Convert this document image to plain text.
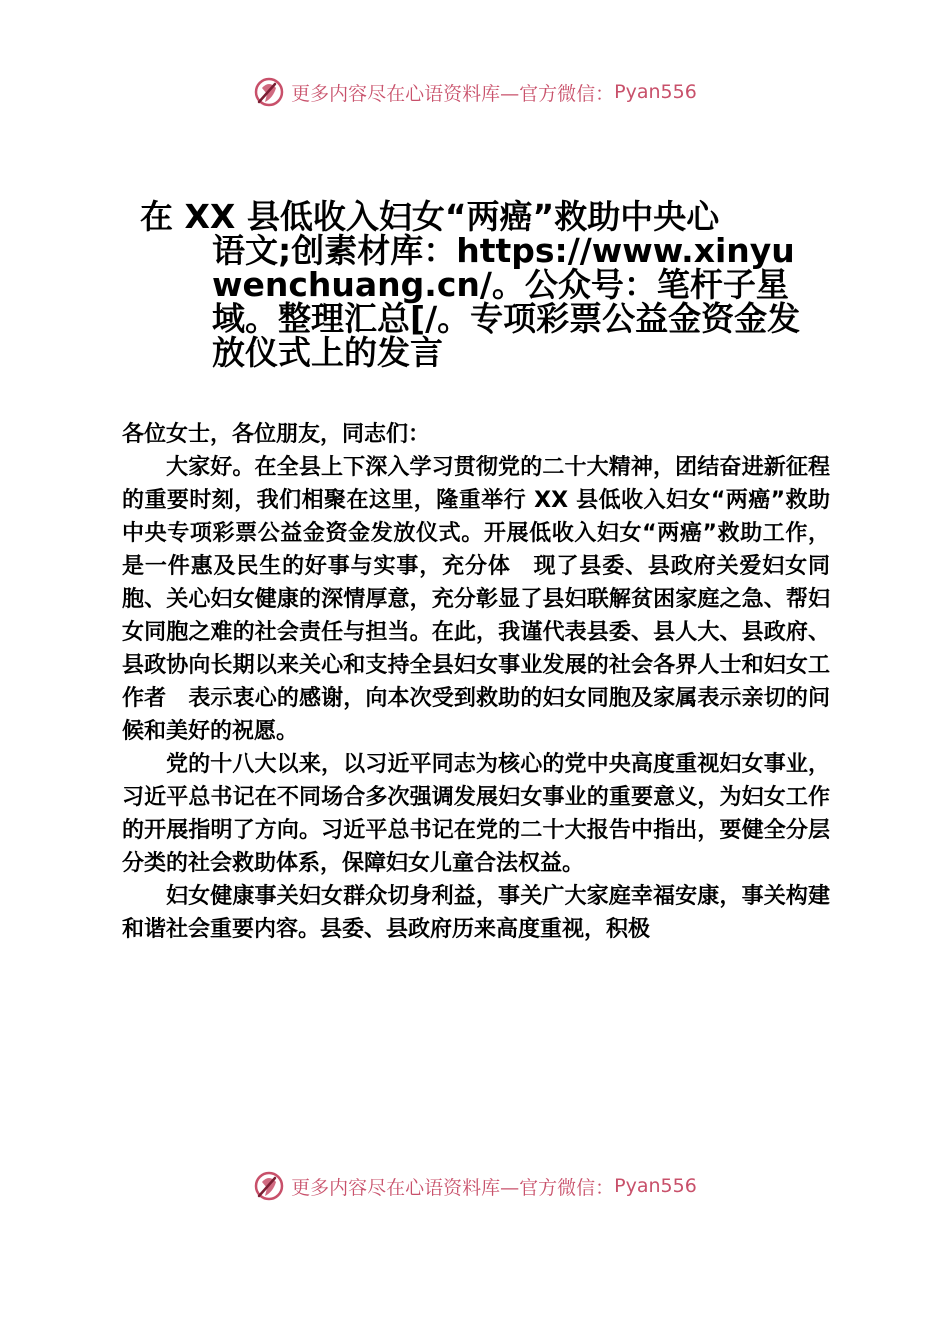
更多内容尽在心语资料库—官方微信： Pyan556
在 XX 县低收入妇女“两癌”救助中央心
语文;创素材库：https://www.xinyuwenchuang.cn/。公众号：笔杆子星域。整理汇总[/。专项彩票公益金资金发放仪式上的发言

各位女士，各位朋友，同志们：

大家好。在全县上下深入学习贯彻党的二十大精神，团结奋进新征程的重要时刻，我们相聚在这里，隆重举行 XX 县低收入妇女“两癌”救助中央专项彩票公益金资金发放仪式。开展低收入妇女“两癌”救助工作，是一件惠及民生的好事与实事，充分体　现了县委、县政府关爱妇女同胞、关心妇女健康的深情厚意，充分彰显了县妇联解贫困家庭之急、帮妇女同胞之难的社会责任与担当。在此，我谨代表县委、县人大、县政府、县政协向长期以来关心和支持全县妇女事业发展的社会各界人士和妇女工作者　表示衷心的感谢，向本次受到救助的妇女同胞及家属表示亲切的问候和美好的祝愿。

党的十八大以来，以习近平同志为核心的党中央高度重视妇女事业，习近平总书记在不同场合多次强调发展妇女事业的重要意义，为妇女工作的开展指明了方向。习近平总书记在党的二十大报告中指出，要健全分层分类的社会救助体系，保障妇女儿童合法权益。

妇女健康事关妇女群众切身利益，事关广大家庭幸福安康，事关构建和谐社会重要内容。县委、县政府历来高度重视，积极

更多内容尽在心语资料库—官方微信： Pyan556
